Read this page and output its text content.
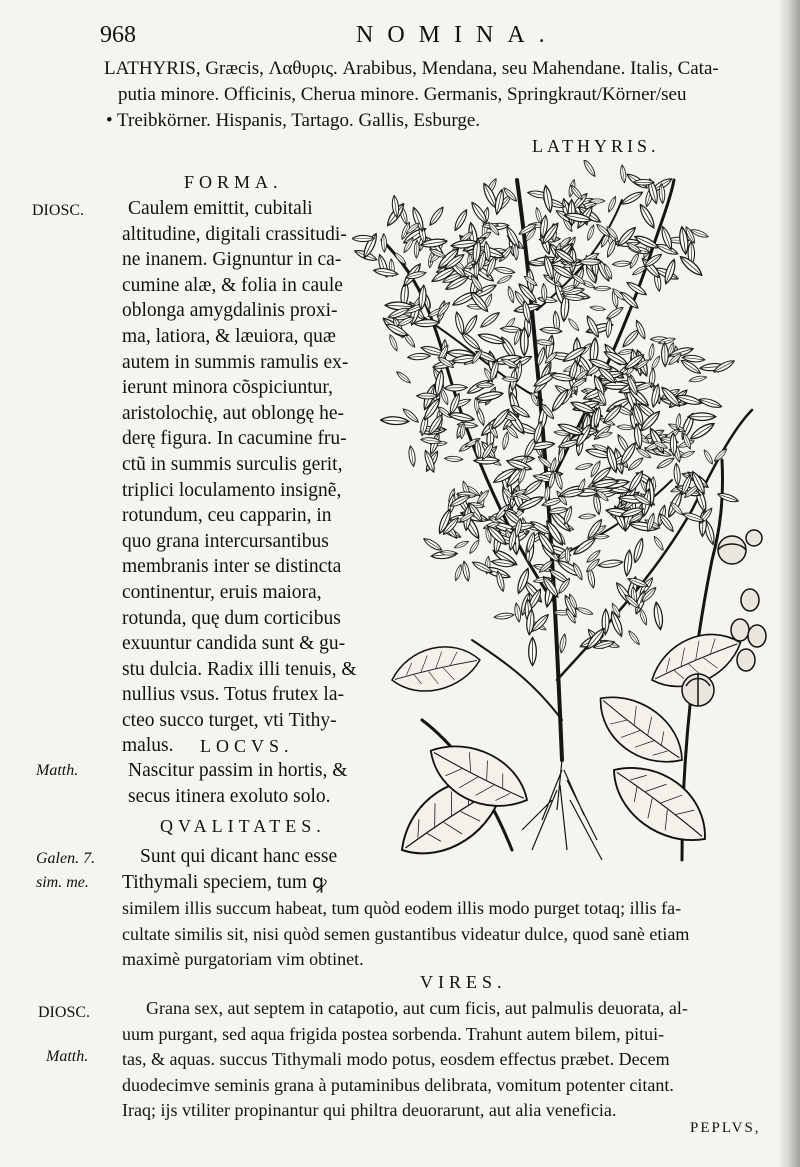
968	NOMINA.
LATHYRIS, Græcis, Λαθυρις. Arabibus, Mendana, seu Mahendane. Italis, Cata-
putia minore. Officinis, Cherua minore. Germanis, Springkraut/Körner/seu
• Treibkörner. Hispanis, Tartago. Gallis, Esburge.
LATHYRIS.
FORMA.
DIOSC. Caulem emittit, cubitali
altitudine, digitali crassitudi-
ne inanem. Gignuntur in ca-
cumine alæ, & folia in caule
oblonga amygdalinis proxi-
ma, latiora, & læuiora, quæ
autem in summis ramulis ex-
ierunt minora cõspiciuntur,
aristolochię, aut oblongę he-
derę figura. In cacumine fru-
ctũ in summis surculis gerit,
triplici loculamento insignẽ,
rotundum, ceu capparin, in
quo grana intercursantibus
membranis inter se distincta
continentur, eruis maiora,
rotunda, quę dum corticibus
exuuntur candida sunt & gu-
stu dulcia. Radix illi tenuis, &
nullius vsus. Totus frutex la-
cteo succo turget, vti Tithy-
malus.	LOCVS.
Matth.	Nascitur passim in hortis, &
secus itinera exoluto solo.
QVALITATES.
Galen. 7.
sim. me.
Sunt qui dicant hanc esse
Tithymali speciem, tum ꝙ
similem illis succum habeat, tum quòd eodem illis modo purget totaq; illis fa-
cultate similis sit, nisi quòd semen gustantibus videatur dulce, quod sanè etiam
maximè purgatoriam vim obtinet.
VIRES.
DIOSC.
Matth.
Grana sex, aut septem in catapotio, aut cum ficis, aut palmulis deuorata, al-
uum purgant, sed aqua frigida postea sorbenda. Trahunt autem bilem, pitui-
tas, & aquas. succus Tithymali modo potus, eosdem effectus præbet. Decem
duodecimve seminis grana à putaminibus delibrata, vomitum potenter citant.
Iraq; ijs vtiliter propinantur qui philtra deuorarunt, aut alia veneficia.
PEPLVS,
